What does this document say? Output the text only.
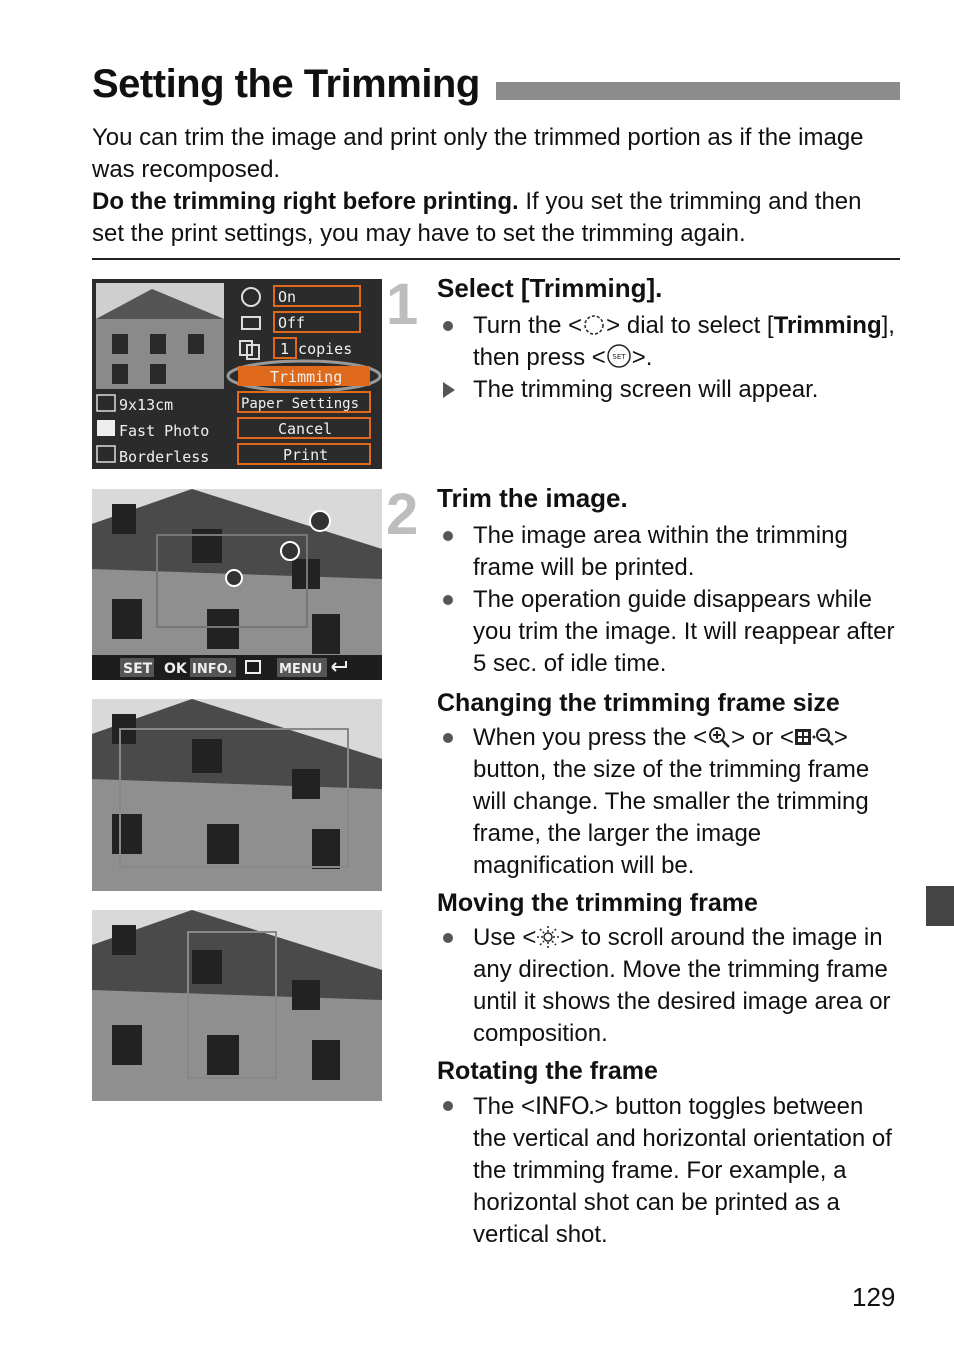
Setting the Trimming

You can trim the image and print only the trimmed portion as if the image was recomposed.

Do the trimming right before printing. If you set the trimming and then set the print settings, you may have to set the trimming again.

On
Off
1 copies
Trimming
Paper Settings
Cancel
Print
9x13cm
Fast Photo
Borderless
SET OK INFO.	MENU
1 Select [Trimming].
Turn the < > dial to select [Trimming], then press < SET >.
The trimming screen will appear.
2 Trim the image.
The image area within the trimming frame will be printed.
The operation guide disappears while you trim the image. It will reappear after 5 sec. of idle time.
Changing the trimming frame size
When you press the < > or < > button, the size of the trimming frame will change. The smaller the trimming frame, the larger the image magnification will be.
Moving the trimming frame
Use < > to scroll around the image in any direction. Move the trimming frame until it shows the desired image area or composition.
Rotating the frame
The <INFO.> button toggles between the vertical and horizontal orientation of the trimming frame. For example, a horizontal shot can be printed as a vertical shot.
129
